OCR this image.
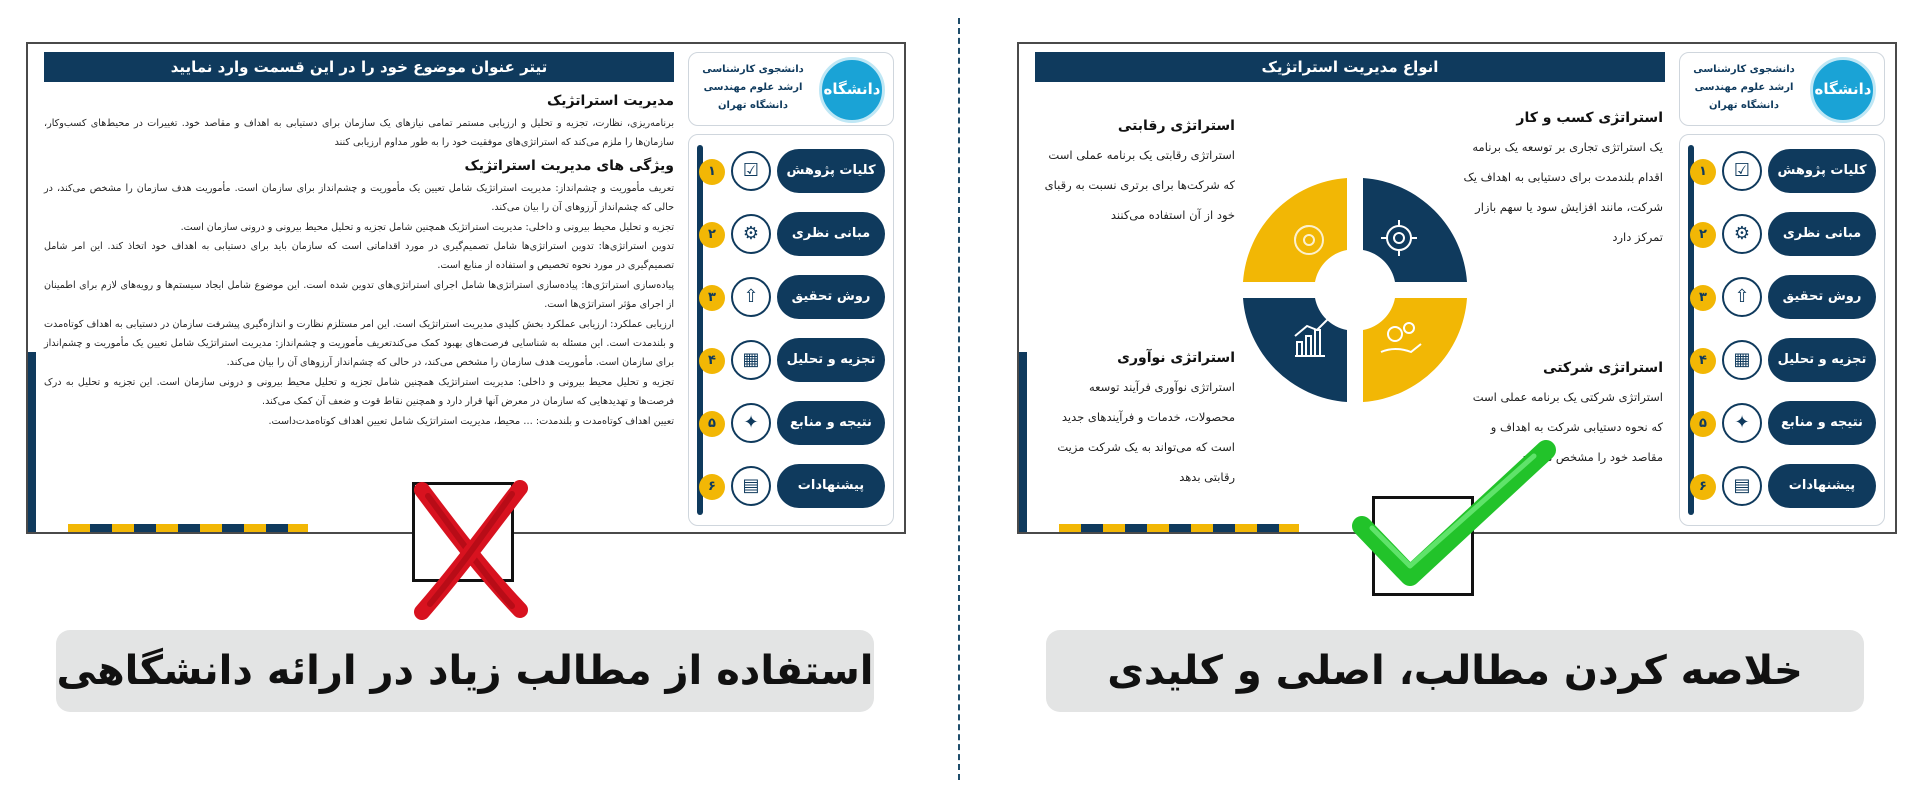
دانشگاه
دانشجوی کارشناسی
ارشد علوم مهندسی
دانشگاه تهران
کلیات پژوهش
☑
۱
مبانی نظری
⚙
۲
روش تحقیق
⇧
۳
تجزیه و تحلیل
▦
۴
نتیجه و منابع
✦
۵
پیشنهادات
▤
۶
تیتر عنوان موضوع خود را در این قسمت وارد نمایید
مدیریت استراتژیک

برنامه‌ریزی، نظارت، تجزیه و تحلیل و ارزیابی مستمر تمامی نیازهای یک سازمان برای دستیابی به اهداف و مقاصد خود. تغییرات در محیط‌های کسب‌وکار، سازمان‌ها را ملزم می‌کند که استراتژی‌های موفقیت خود را به طور مداوم ارزیابی کنند

ویژگی های مدیریت استراتژیک

تعریف مأموریت و چشم‌انداز: مدیریت استراتژیک شامل تعیین یک مأموریت و چشم‌انداز برای سازمان است. مأموریت هدف سازمان را مشخص می‌کند، در حالی که چشم‌انداز آرزوهای آن را بیان می‌کند.

تجزیه و تحلیل محیط بیرونی و داخلی: مدیریت استراتژیک همچنین شامل تجزیه و تحلیل محیط بیرونی و درونی سازمان است.

تدوین استراتژی‌ها: تدوین استراتژی‌ها شامل تصمیم‌گیری در مورد اقداماتی است که سازمان باید برای دستیابی به اهداف خود اتخاذ کند. این امر شامل تصمیم‌گیری در مورد نحوه تخصیص و استفاده از منابع است.

پیاده‌سازی استراتژی‌ها: پیاده‌سازی استراتژی‌ها شامل اجرای استراتژی‌های تدوین شده است. این موضوع شامل ایجاد سیستم‌ها و رویه‌های لازم برای اطمینان از اجرای مؤثر استراتژی‌ها است.

ارزیابی عملکرد: ارزیابی عملکرد بخش کلیدی مدیریت استراتژیک است. این امر مستلزم نظارت و اندازه‌گیری پیشرفت سازمان در دستیابی به اهداف کوتاه‌مدت و بلندمدت است. این مسئله به شناسایی فرصت‌های بهبود کمک می‌کندتعریف مأموریت و چشم‌انداز: مدیریت استراتژیک شامل تعیین یک مأموریت و چشم‌انداز برای سازمان است. مأموریت هدف سازمان را مشخص می‌کند، در حالی که چشم‌انداز آرزوهای آن را بیان می‌کند.

تجزیه و تحلیل محیط بیرونی و داخلی: مدیریت استراتژیک همچنین شامل تجزیه و تحلیل محیط بیرونی و درونی سازمان است. این تجزیه و تحلیل به درک فرصت‌ها و تهدیدهایی که سازمان در معرض آنها قرار دارد و همچنین نقاط قوت و ضعف آن کمک می‌کند.

تعیین اهداف کوتاه‌مدت و بلندمدت: … محیط، مدیریت استراتژیک شامل تعیین اهداف کوتاه‌مدت‌داست.

دانشگاه
دانشجوی کارشناسی
ارشد علوم مهندسی
دانشگاه تهران
کلیات پژوهش
☑
۱
مبانی نظری
⚙
۲
روش تحقیق
⇧
۳
تجزیه و تحلیل
▦
۴
نتیجه و منابع
✦
۵
پیشنهادات
▤
۶
انواع مدیریت استراتژیک
استراتژی کسب و کار

یک استراتژی تجاری بر توسعه یک برنامه اقدام بلندمدت برای دستیابی به اهداف یک شرکت، مانند افزایش سود یا سهم بازار تمرکز دارد

استراتژی رقابتی

استراتژی رقابتی یک برنامه عملی است که شرکت‌ها برای برتری نسبت به رقبای خود از آن استفاده می‌کنند

استراتژی شرکتی

استراتژی شرکتی یک برنامه عملی است که نحوه دستیابی شرکت به اهداف و مقاصد خود را مشخص می‌کند

استراتژی نوآوری

استراتژی نوآوری فرآیند توسعه محصولات، خدمات و فرآیندهای جدید است که می‌تواند به یک شرکت مزیت رقابتی بدهد

استفاده از مطالب زیاد در ارائه دانشگاهی	خلاصه کردن مطالب، اصلی و کلیدی
